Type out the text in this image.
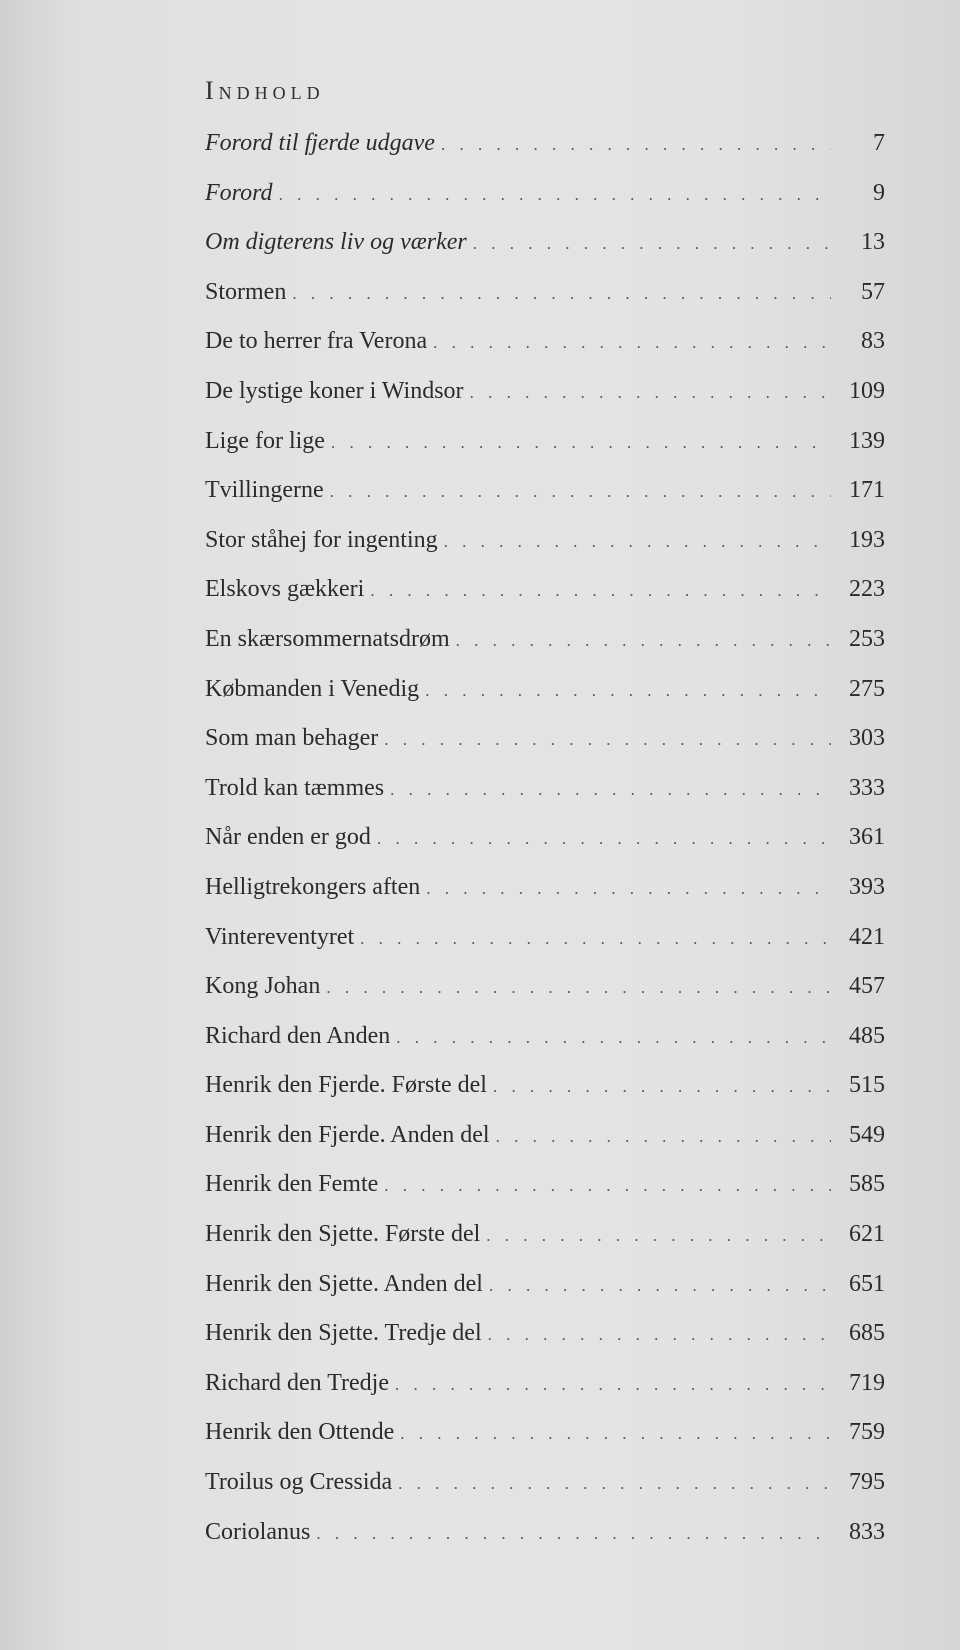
Indhold
Forord til fjerde udgave . . .	7
Forord . . .	9
Om digterens liv og værker . . .	13
Stormen . . .	57
De to herrer fra Verona . . .	83
De lystige koner i Windsor . . .	109
Lige for lige . . .	139
Tvillingerne . . .	171
Stor ståhej for ingenting . . .	193
Elskovs gækkeri . . .	223
En skærsommernatsdrøm . . .	253
Købmanden i Venedig . . .	275
Som man behager . . .	303
Trold kan tæmmes . . .	333
Når enden er god . . .	361
Helligtrekongers aften . . .	393
Vintereventyret . . .	421
Kong Johan . . .	457
Richard den Anden . . .	485
Henrik den Fjerde. Første del . . .	515
Henrik den Fjerde. Anden del . . .	549
Henrik den Femte . . .	585
Henrik den Sjette. Første del . . .	621
Henrik den Sjette. Anden del . . .	651
Henrik den Sjette. Tredje del . . .	685
Richard den Tredje . . .	719
Henrik den Ottende . . .	759
Troilus og Cressida . . .	795
Coriolanus . . .	833
